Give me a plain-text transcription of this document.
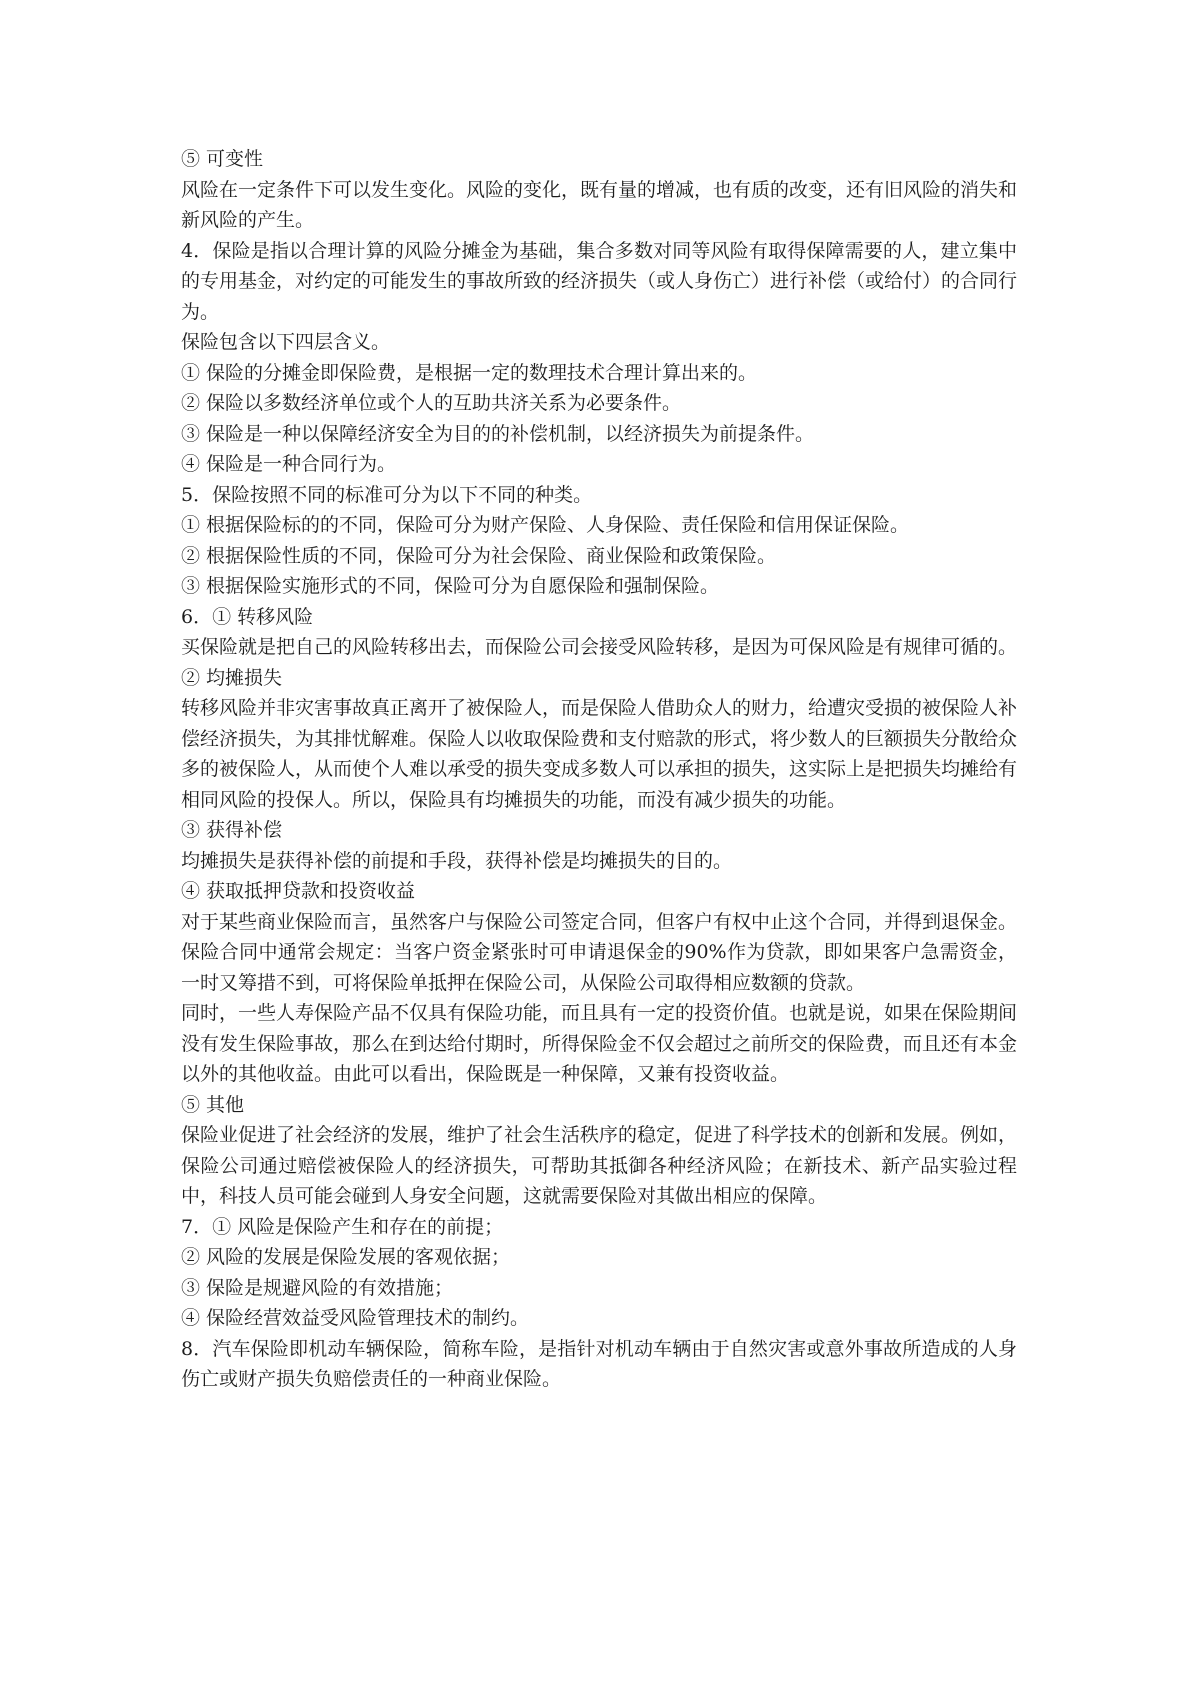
⑤ 可变性

风险在一定条件下可以发生变化。风险的变化，既有量的增减，也有质的改变，还有旧风险的消失和新风险的产生。

4．保险是指以合理计算的风险分摊金为基础，集合多数对同等风险有取得保障需要的人，建立集中的专用基金，对约定的可能发生的事故所致的经济损失（或人身伤亡）进行补偿（或给付）的合同行为。

保险包含以下四层含义。

① 保险的分摊金即保险费，是根据一定的数理技术合理计算出来的。

② 保险以多数经济单位或个人的互助共济关系为必要条件。

③ 保险是一种以保障经济安全为目的的补偿机制，以经济损失为前提条件。

④ 保险是一种合同行为。

5．保险按照不同的标准可分为以下不同的种类。

① 根据保险标的的不同，保险可分为财产保险、人身保险、责任保险和信用保证保险。

② 根据保险性质的不同，保险可分为社会保险、商业保险和政策保险。

③ 根据保险实施形式的不同，保险可分为自愿保险和强制保险。

6．① 转移风险

买保险就是把自己的风险转移出去，而保险公司会接受风险转移，是因为可保风险是有规律可循的。

② 均摊损失

转移风险并非灾害事故真正离开了被保险人，而是保险人借助众人的财力，给遭灾受损的被保险人补偿经济损失，为其排忧解难。保险人以收取保险费和支付赔款的形式，将少数人的巨额损失分散给众多的被保险人，从而使个人难以承受的损失变成多数人可以承担的损失，这实际上是把损失均摊给有相同风险的投保人。所以，保险具有均摊损失的功能，而没有减少损失的功能。

③ 获得补偿

均摊损失是获得补偿的前提和手段，获得补偿是均摊损失的目的。

④ 获取抵押贷款和投资收益

对于某些商业保险而言，虽然客户与保险公司签定合同，但客户有权中止这个合同，并得到退保金。保险合同中通常会规定：当客户资金紧张时可申请退保金的90%作为贷款，即如果客户急需资金，一时又筹措不到，可将保险单抵押在保险公司，从保险公司取得相应数额的贷款。

同时，一些人寿保险产品不仅具有保险功能，而且具有一定的投资价值。也就是说，如果在保险期间没有发生保险事故，那么在到达给付期时，所得保险金不仅会超过之前所交的保险费，而且还有本金以外的其他收益。由此可以看出，保险既是一种保障，又兼有投资收益。

⑤ 其他

保险业促进了社会经济的发展，维护了社会生活秩序的稳定，促进了科学技术的创新和发展。例如，保险公司通过赔偿被保险人的经济损失，可帮助其抵御各种经济风险；在新技术、新产品实验过程中，科技人员可能会碰到人身安全问题，这就需要保险对其做出相应的保障。

7．① 风险是保险产生和存在的前提；

② 风险的发展是保险发展的客观依据；

③ 保险是规避风险的有效措施；

④ 保险经营效益受风险管理技术的制约。

8．汽车保险即机动车辆保险，简称车险，是指针对机动车辆由于自然灾害或意外事故所造成的人身伤亡或财产损失负赔偿责任的一种商业保险。
